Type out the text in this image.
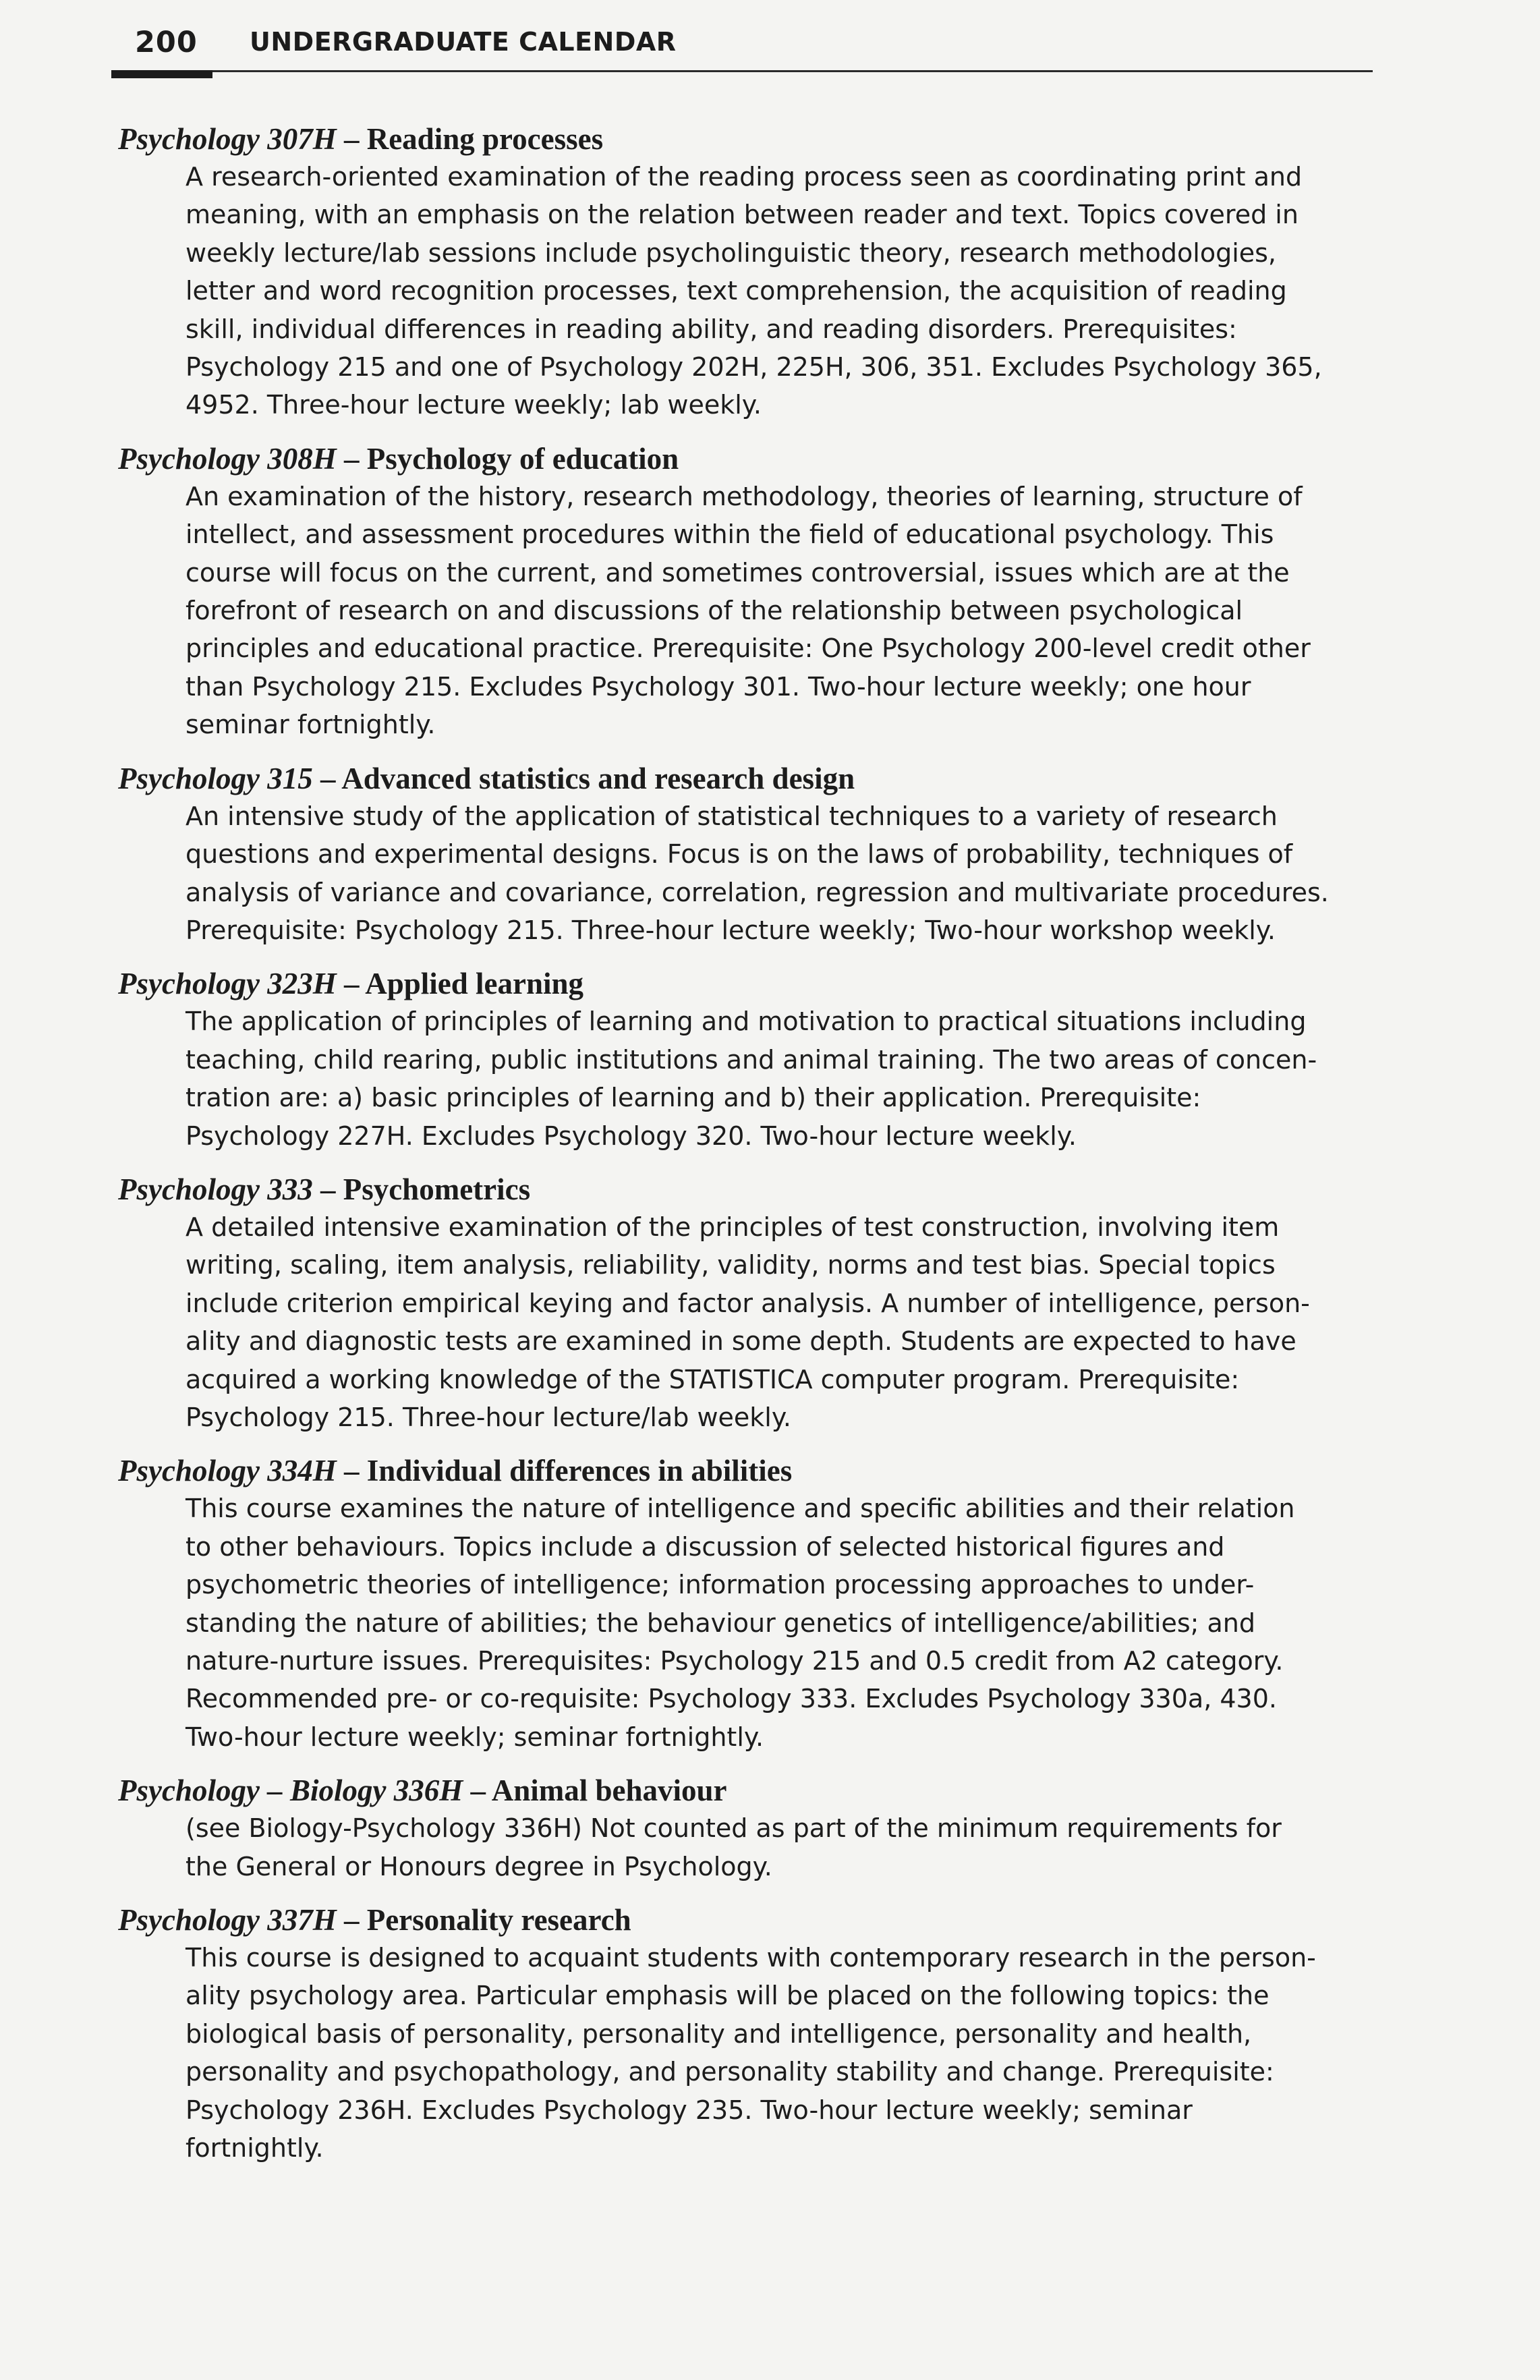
200 UNDERGRADUATE CALENDAR
Psychology 307H – Reading processes
A research-oriented examination of the reading process seen as coordinating print and
meaning, with an emphasis on the relation between reader and text. Topics covered in
weekly lecture/lab sessions include psycholinguistic theory, research methodologies,
letter and word recognition processes, text comprehension, the acquisition of reading
skill, individual differences in reading ability, and reading disorders. Prerequisites:
Psychology 215 and one of Psychology 202H, 225H, 306, 351. Excludes Psychology 365,
4952. Three-hour lecture weekly; lab weekly.
Psychology 308H – Psychology of education
An examination of the history, research methodology, theories of learning, structure of
intellect, and assessment procedures within the field of educational psychology. This
course will focus on the current, and sometimes controversial, issues which are at the
forefront of research on and discussions of the relationship between psychological
principles and educational practice. Prerequisite: One Psychology 200-level credit other
than Psychology 215. Excludes Psychology 301. Two-hour lecture weekly; one hour
seminar fortnightly.
Psychology 315 – Advanced statistics and research design
An intensive study of the application of statistical techniques to a variety of research
questions and experimental designs. Focus is on the laws of probability, techniques of
analysis of variance and covariance, correlation, regression and multivariate procedures.
Prerequisite: Psychology 215. Three-hour lecture weekly; Two-hour workshop weekly.
Psychology 323H – Applied learning
The application of principles of learning and motivation to practical situations including
teaching, child rearing, public institutions and animal training. The two areas of concen-
tration are: a) basic principles of learning and b) their application. Prerequisite:
Psychology 227H. Excludes Psychology 320. Two-hour lecture weekly.
Psychology 333 – Psychometrics
A detailed intensive examination of the principles of test construction, involving item
writing, scaling, item analysis, reliability, validity, norms and test bias. Special topics
include criterion empirical keying and factor analysis. A number of intelligence, person-
ality and diagnostic tests are examined in some depth. Students are expected to have
acquired a working knowledge of the STATISTICA computer program. Prerequisite:
Psychology 215. Three-hour lecture/lab weekly.
Psychology 334H – Individual differences in abilities
This course examines the nature of intelligence and specific abilities and their relation
to other behaviours. Topics include a discussion of selected historical figures and
psychometric theories of intelligence; information processing approaches to under-
standing the nature of abilities; the behaviour genetics of intelligence/abilities; and
nature-nurture issues. Prerequisites: Psychology 215 and 0.5 credit from A2 category.
Recommended pre- or co-requisite: Psychology 333. Excludes Psychology 330a, 430.
Two-hour lecture weekly; seminar fortnightly.
Psychology – Biology 336H – Animal behaviour
(see Biology-Psychology 336H) Not counted as part of the minimum requirements for
the General or Honours degree in Psychology.
Psychology 337H – Personality research
This course is designed to acquaint students with contemporary research in the person-
ality psychology area. Particular emphasis will be placed on the following topics: the
biological basis of personality, personality and intelligence, personality and health,
personality and psychopathology, and personality stability and change. Prerequisite:
Psychology 236H. Excludes Psychology 235. Two-hour lecture weekly; seminar
fortnightly.
